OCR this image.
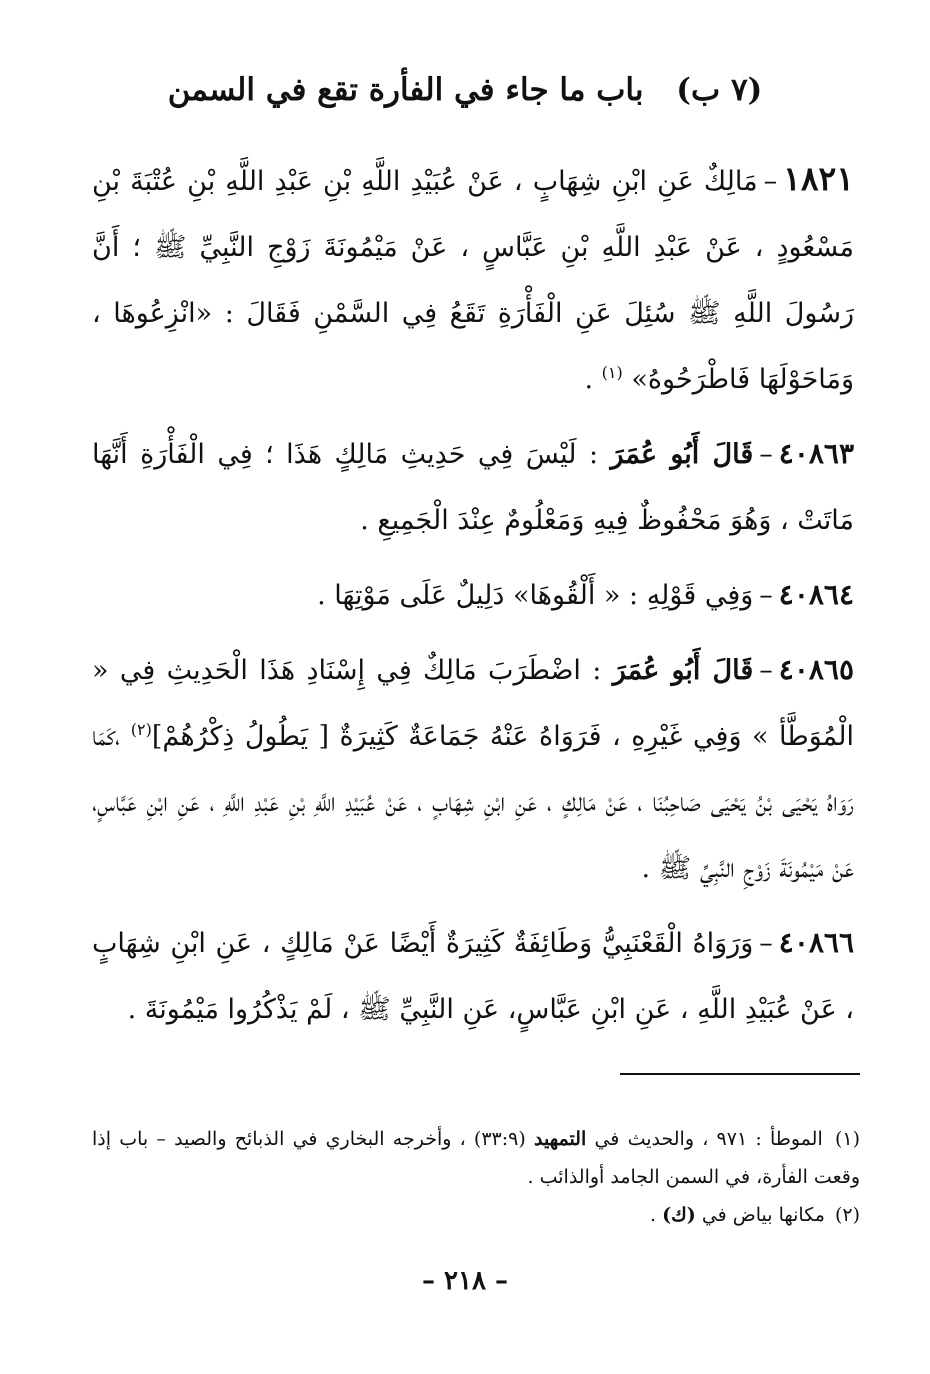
(٧ ب) باب ما جاء في الفأرة تقع في السمن

١٨٢١–مَالِكٌ عَنِ ابْنِ شِهَابٍ ، عَنْ عُبَيْدِ اللَّهِ بْنِ عَبْدِ اللَّهِ بْنِ عُتْبَةَ بْنِ مَسْعُودٍ ، عَنْ عَبْدِ اللَّهِ بْنِ عَبَّاسٍ ، عَنْ مَيْمُونَةَ زَوْجِ النَّبِيِّ ﷺ ؛ أَنَّ رَسُولَ اللَّهِ ﷺ سُئِلَ عَنِ الْفَأْرَةِ تَقَعُ فِي السَّمْنِ فَقَالَ : «انْزِعُوهَا ، وَمَاحَوْلَهَا فَاطْرَحُوهُ» $^{(١)}$ .

٤٠٨٦٣–قَالَ أَبُو عُمَرَ : لَيْسَ فِي حَدِيثِ مَالِكٍ هَذَا ؛ فِي الْفَأْرَةِ أَنَّهَا مَاتَتْ ، وَهُوَ مَحْفُوظٌ فِيهِ وَمَعْلُومٌ عِنْدَ الْجَمِيعِ .

٤٠٨٦٤–وَفِي قَوْلِهِ : « أَلْقُوهَا» دَلِيلٌ عَلَى مَوْتِهَا .

٤٠٨٦٥–قَالَ أَبُو عُمَرَ : اضْطَرَبَ مَالِكٌ فِي إِسْنَادِ هَذَا الْحَدِيثِ فِي « الْمُوَطَّأ » وَفِي غَيْرِهِ ، فَرَوَاهُ عَنْهُ جَمَاعَةٌ كَثِيرَةٌ [ يَطُولُ ذِكْرُهُمْ]$^{(٢)}$ ،كَمَا رَوَاهُ يَحْيَى بْنُ يَحْيَى صَاحِبُنَا ، عَنْ مَالِكٍ ، عَنِ ابْنِ شِهَابٍ ، عَنْ عُبَيْدِ اللَّهِ بْنِ عَبْدِ اللَّهِ ، عَنِ ابْنِ عَبَّاسٍ، عَنْ مَيْمُونَةَ زَوْجِ النَّبِيِّ ﷺ .

٤٠٨٦٦–وَرَوَاهُ الْقَعْنَبِيُّ وَطَائِفَةٌ كَثِيرَةٌ أَيْضًا عَنْ مَالِكٍ ، عَنِ ابْنِ شِهَابٍ ، عَنْ عُبَيْدِ اللَّهِ ، عَنِ ابْنِ عَبَّاسٍ، عَنِ النَّبِيِّ ﷺ ، لَمْ يَذْكُرُوا مَيْمُونَةَ .

(١) الموطأ : ٩٧١ ، والحديث في التمهيد (٣٣:٩) ، وأخرجه البخاري في الذبائح والصيد – باب إذا وقعت الفأرة، في السمن الجامد أوالذائب .

(٢) مكانها بياض في (ك) .

– ٢١٨ –
